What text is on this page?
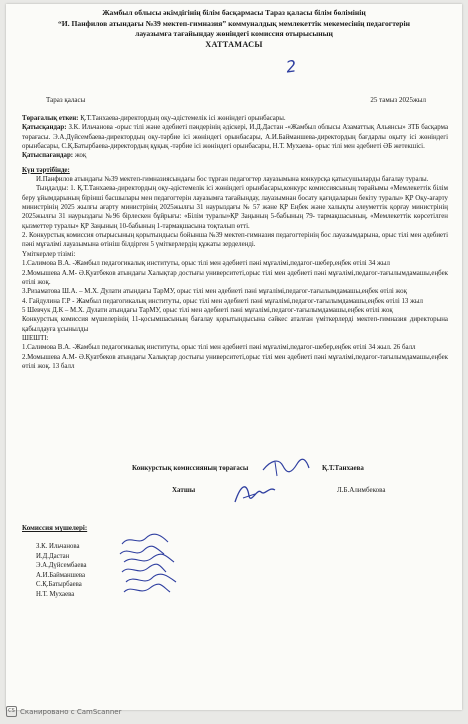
Жамбыл облысы әкімдігінің білім басқармасы Тараз қаласы білім бөлімінің
“И. Панфилов атындағы №39 мектеп-гимназия” коммуналдық мемлекеттік мекемесінің педагогтерін
лауазымға тағайындау жөніндегі комиссия отырысының
ХАТТАМАСЫ
2
Тараз қаласы	25 тамыз 2025жыл

Төрағалық еткен: Қ.Т.Танхаева-директордың оқу-әдістемелік ісі жөніндегі орынбасары.

Қатысқандар: З.К. Ильчанова -орыс тілі және әдебиеті пәндерінің әдіскері, И.Д.Дастан -«Жамбыл облысы Азаматтық Альянсы» ЗТБ басқарма төрағасы. Э.А.Дүйсембаева-директордың оқу-тәрбие ісі жөніндегі орынбасары, А.И.Байманшева-директордың бағдарлы оқыту ісі жөніндегі орынбасары, С.Қ.Батырбаева-директордың құқық -тәрбие ісі жөніндегі орынбасары, Н.Т. Мухаева- орыс тілі мен әдебиеті ӘБ жетекшісі.

Қатыспағандар: жоқ

Күн тәртібінде:

И.Панфилов атындағы №39 мектеп-гимназиясындағы бос тұрған педагогтер лауазымына конкурсқа қатысушыларды бағалау туралы.

Тыңдалды: 1. Қ.Т.Танхаева-директордың оқу-әдістемелік ісі жөніндегі орынбасары,конкурс комиссиясының төрайымы «Мемлекеттік білім беру ұйымдарының бірінші басшылары мен педагогтерін лауазымға тағайындау, лауазымнан босату қағидаларын бекіту туралы» ҚР Оқу-ағарту министрінің 2025 жылғы ағарту министрінің 2025жылғы 31 наурыздағы № 57 және ҚР Еңбек және халықты әлеуметтік қорғау министрінің 2025жылғы 31 наурыздағы №96 бірлескен бұйрығы: «Білім туралы»ҚР Заңының 5-бабының 79- тармақшасының, «Мемлекеттік көрсетілген қызметтер туралы» ҚР Заңының 10-бабының 1-тармақшасына тоқталып өтті.

2. Конкурстық комиссия отырысының қорытындысы бойынша №39 мектеп-гимназия педагогтерінің бос лауазымдарына, орыс тілі мен әдебиеті пәні мұғалімі лауазымына өтініш білдірген 5 үміткерлердің құжаты зерделенді.

Үміткерлер тізімі:

1.Салимова В.А. -Жамбыл педагогикалық институты, орыс тілі мен әдебиеті пәні мұғалімі,педагог-шебер,еңбек өтілі 34 жыл

2.Момышева А.М- Ә.Қуатбеков атындағы Халықтар достығы университеті,орыс тілі мен әдебиеті пәні мұғалімі,педагог-тағылымдамашы,еңбек өтілі жоқ.

3.Ризаматова Ш.А. – М.Х. Дулати атындағы ТарМУ, орыс тілі мен әдебиеті пәні мұғалімі,педагог-тағылымдамашы,еңбек өтілі жоқ

4. Гайдулина Г.Р - Жамбыл педагогикалық институты, орыс тілі мен әдебиеті пәні мұғалімі,педагог-тағылымдамашы,еңбек өтілі 13 жыл

5 Шевчук Д.К – М.Х. Дулати атындағы ТарМУ, орыс тілі мен әдебиеті пәні мұғалімі,педагог-тағылымдамашы,еңбек өтілі жоқ

Конкурстық комиссия мүшелерінің 11-қосымшасының бағалау қорытындысына сәйкес аталған үміткерлерді мектеп-гимназия директорына қабылдауға ұсынылды

ШЕШТІ:

1.Салимова В.А. -Жамбыл педагогикалық институты, орыс тілі мен әдебиеті пәні мұғалімі,педагог-шебер,еңбек өтілі 34 жыл. 26 балл

2.Момышева А.М- Ә.Қуатбеков атындағы Халықтар достығы университеті,орыс тілі мен әдебиеті пәні мұғалімі,педагог-тағылымдамашы,еңбек өтілі жоқ. 13 балл

Конкурстық комиссияның төрағасы	Қ.Т.Танхаева
Хатшы	Л.Б.Алимбекова
Комиссия мүшелері:
З.К. Ильчанова
И.Д.Дастан
Э.А.Дүйсембаева
А.И.Байманшева
С.Қ.Батырбаева
Н.Т. Мухаева
CS Сканировано с CamScanner
